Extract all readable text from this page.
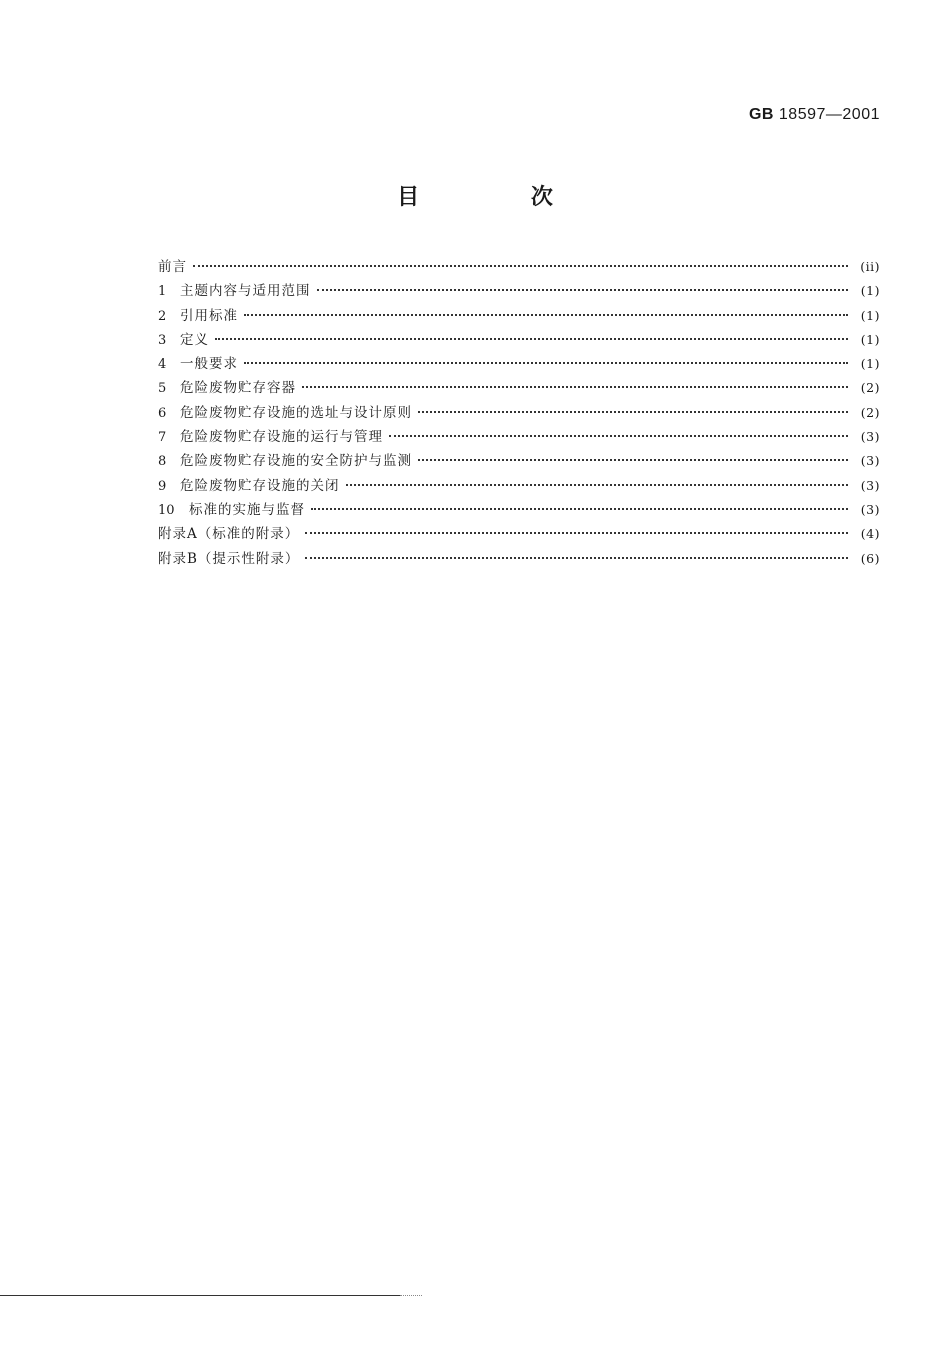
GB 18597—2001
目 次
前言	(ii)
1	主题内容与适用范围	(1)
2	引用标准	(1)
3	定义	(1)
4	一般要求	(1)
5	危险废物贮存容器	(2)
6	危险废物贮存设施的选址与设计原则	(2)
7	危险废物贮存设施的运行与管理	(3)
8	危险废物贮存设施的安全防护与监测	(3)
9	危险废物贮存设施的关闭	(3)
10	标准的实施与监督	(3)
附录A（标准的附录）	(4)
附录B（提示性附录）	(6)
